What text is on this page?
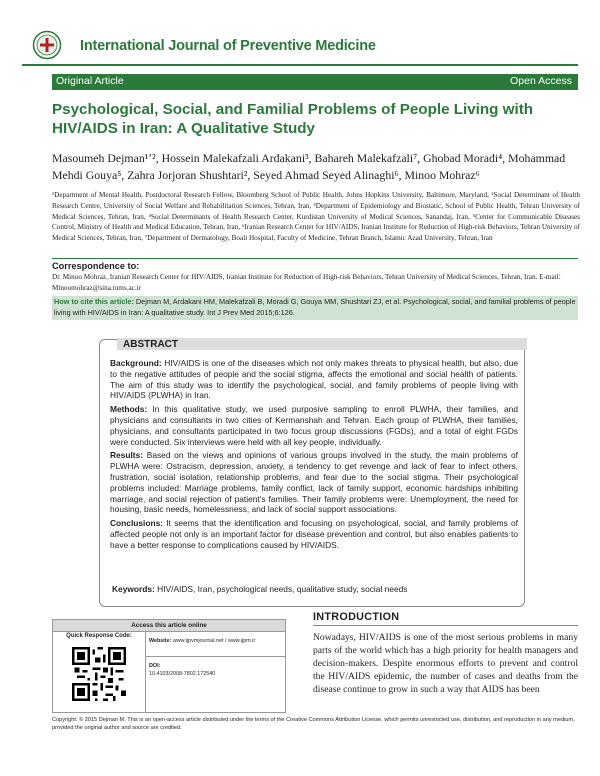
International Journal of Preventive Medicine
Original Article	Open Access
Psychological, Social, and Familial Problems of People Living with HIV/AIDS in Iran: A Qualitative Study
Masoumeh Dejman¹ʼ², Hossein Malekafzali Ardakani³, Bahareh Malekafzali⁷, Ghobad Moradi⁴, Mohammad Mehdi Gouya⁵, Zahra Jorjoran Shushtari², Seyed Ahmad Seyed Alinaghi⁶, Minoo Mohraz⁶
¹Department of Mental Health, Postdoctoral Research Fellow, Bloomberg School of Public Health, Johns Hopkins University, Baltimore, Maryland, ²Social Determinant of Health Research Centre, University of Social Welfare and Rehabilitation Sciences, Tehran, Iran, ³Department of Epidemiology and Biostatic, School of Public Health, Tehran University of Medical Sciences, Tehran, Iran, ⁴Social Determinants of Health Research Center, Kurdistan University of Medical Sciences, Sanandaj, Iran, ⁵Center for Communicable Diseases Control, Ministry of Health and Medical Education, Tehran, Iran, ⁶Iranian Research Center for HIV/AIDS, Iranian Institute for Reduction of High-risk Behaviors, Tehran University of Medical Sciences, Tehran, Iran, ⁷Department of Dermatology, Boali Hospital, Faculty of Medicine, Tehran Branch, Islamic Azad University, Tehran, Iran
Correspondence to:
Dr. Minoo Mohraz, Iranian Research Center for HIV/AIDS, Iranian Institute for Reduction of High-risk Behaviors, Tehran University of Medical Sciences, Tehran, Iran. E-mail: Minoomohraz@sina.tums.ac.ir
How to cite this article: Dejman M, Ardakani HM, Malekafzali B, Moradi G, Gouya MM, Shushtari ZJ, et al. Psychological, social, and familial problems of people living with HIV/AIDS in Iran: A qualitative study. Int J Prev Med 2015;6:126.
ABSTRACT

Background: HIV/AIDS is one of the diseases which not only makes threats to physical health, but also, due to the negative attitudes of people and the social stigma, affects the emotional and social health of patients. The aim of this study was to identify the psychological, social, and family problems of people living with HIV/AIDS (PLWHA) in Iran.

Methods: In this qualitative study, we used purposive sampling to enroll PLWHA, their families, and physicians and consultants in two cities of Kermanshah and Tehran. Each group of PLWHA, their families, physicians, and consultants participated in two focus group discussions (FGDs), and a total of eight FGDs were conducted. Six interviews were held with all key people, individually.

Results: Based on the views and opinions of various groups involved in the study, the main problems of PLWHA were: Ostracism, depression, anxiety, a tendency to get revenge and lack of fear to infect others, frustration, social isolation, relationship problems, and fear due to the social stigma. Their psychological problems included: Marriage problems, family conflict, lack of family support, economic hardships inhibiting marriage, and social rejection of patient's families. Their family problems were: Unemployment, the need for housing, basic needs, homelessness, and lack of social support associations.

Conclusions: It seems that the identification and focusing on psychological, social, and family problems of affected people not only is an important factor for disease prevention and control, but also enables patients to have a better response to complications caused by HIV/AIDS.

Keywords: HIV/AIDS, Iran, psychological needs, qualitative study, social needs
Access this article online
Quick Response Code:
Website: www.ijpvmjournal.net / www.ijpm.ir
DOI:
10.4103/2008-7802.172540
INTRODUCTION
Nowadays, HIV/AIDS is one of the most serious problems in many parts of the world which has a high priority for health managers and decision-makers. Despite enormous efforts to prevent and control the HIV/AIDS epidemic, the number of cases and deaths from the disease continue to grow in such a way that AIDS has been
Copyright: © 2015 Dejman M. This is an open-access article distributed under the terms of the Creative Commons Attribution License, which permits unrestricted use, distribution, and reproduction in any medium, provided the original author and source are credited.
